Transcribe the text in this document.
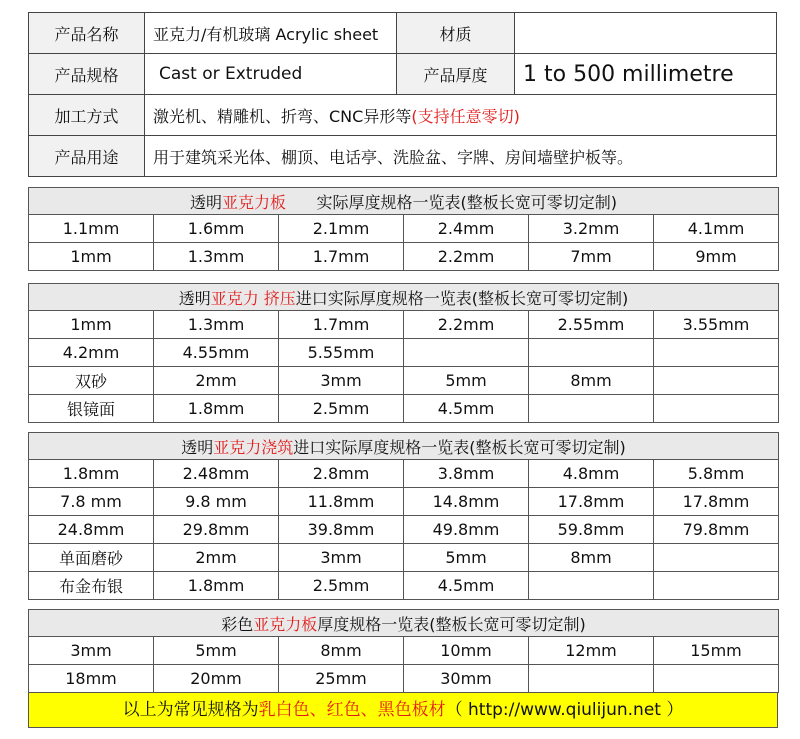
产品名称	亚克力/有机玻璃 Acrylic sheet	材质	
产品规格	Cast or Extruded	产品厚度	1 to 500 millimetre
加工方式	激光机、精雕机、折弯、CNC异形等(支持任意零切)		
产品用途	用于建筑采光体、棚顶、电话亭、洗脸盆、字牌、房间墙壁护板等。		
透明亚克力板      实际厚度规格一览表(整板长宽可零切定制)					
1.1mm	1.6mm	2.1mm	2.4mm	3.2mm	4.1mm
1mm	1.3mm	1.7mm	2.2mm	7mm	9mm
透明亚克力 挤压进口实际厚度规格一览表(整板长宽可零切定制)					
1mm	1.3mm	1.7mm	2.2mm	2.55mm	3.55mm
4.2mm	4.55mm	5.55mm			
双砂	2mm	3mm	5mm	8mm	
银镜面	1.8mm	2.5mm	4.5mm		
透明亚克力浇筑进口实际厚度规格一览表(整板长宽可零切定制)					
1.8mm	2.48mm	2.8mm	3.8mm	4.8mm	5.8mm
7.8 mm	9.8 mm	11.8mm	14.8mm	17.8mm	17.8mm
24.8mm	29.8mm	39.8mm	49.8mm	59.8mm	79.8mm
单面磨砂	2mm	3mm	5mm	8mm	
布金布银	1.8mm	2.5mm	4.5mm		
彩色亚克力板厚度规格一览表(整板长宽可零切定制)					
3mm	5mm	8mm	10mm	12mm	15mm
18mm	20mm	25mm	30mm		
以上为常见规格为乳白色、红色、黑色板材（ http://www.qiulijun.net ）
